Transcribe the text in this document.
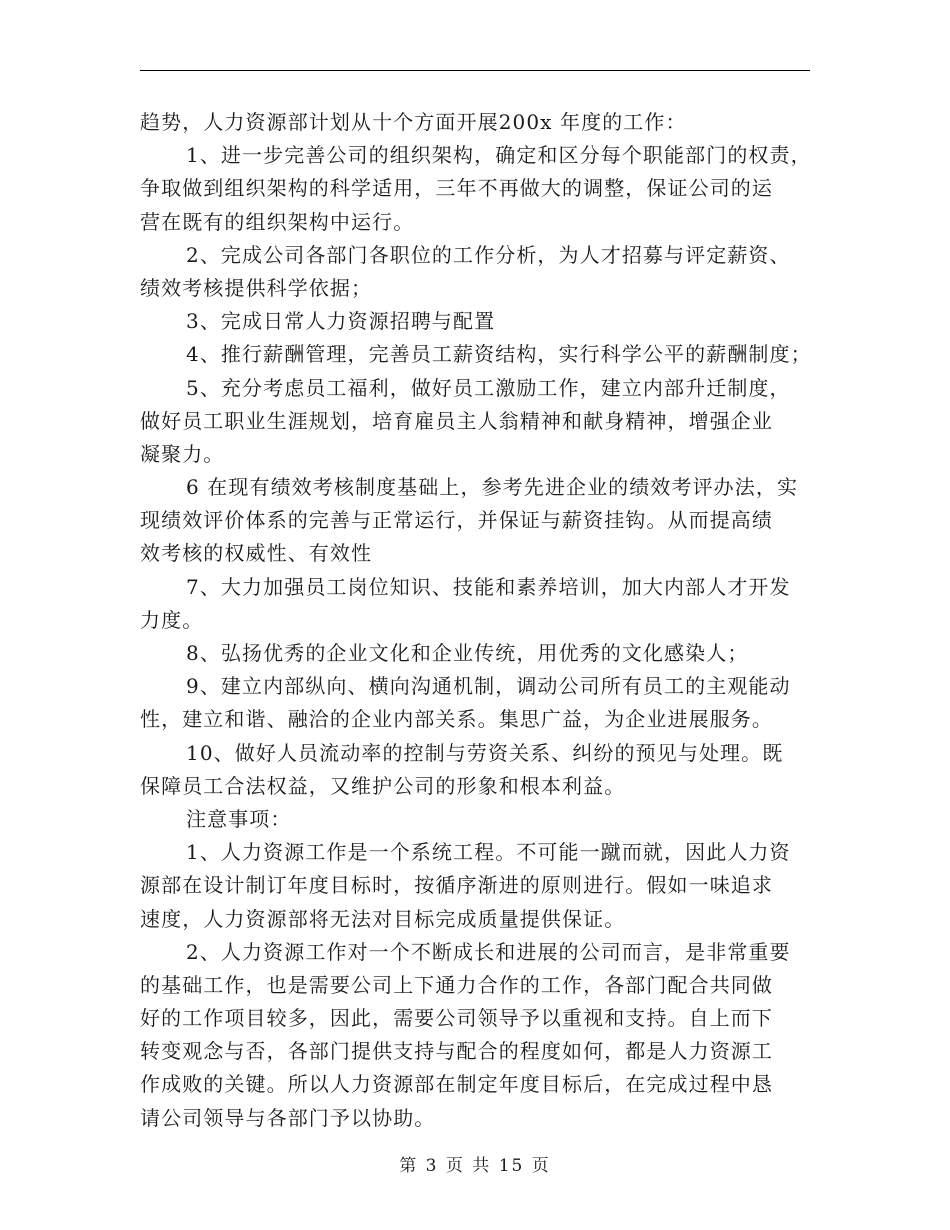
趋势，人力资源部计划从十个方面开展200x 年度的工作：
1、进一步完善公司的组织架构，确定和区分每个职能部门的权责，
争取做到组织架构的科学适用，三年不再做大的调整，保证公司的运
营在既有的组织架构中运行。
2、完成公司各部门各职位的工作分析，为人才招募与评定薪资、
绩效考核提供科学依据；
3、完成日常人力资源招聘与配置
4、推行薪酬管理，完善员工薪资结构，实行科学公平的薪酬制度；
5、充分考虑员工福利，做好员工激励工作，建立内部升迁制度，
做好员工职业生涯规划，培育雇员主人翁精神和献身精神，增强企业
凝聚力。
6 在现有绩效考核制度基础上，参考先进企业的绩效考评办法，实
现绩效评价体系的完善与正常运行，并保证与薪资挂钩。从而提高绩
效考核的权威性、有效性
7、大力加强员工岗位知识、技能和素养培训，加大内部人才开发
力度。
8、弘扬优秀的企业文化和企业传统，用优秀的文化感染人；
9、建立内部纵向、横向沟通机制，调动公司所有员工的主观能动
性，建立和谐、融洽的企业内部关系。集思广益，为企业进展服务。
10、做好人员流动率的控制与劳资关系、纠纷的预见与处理。既
保障员工合法权益，又维护公司的形象和根本利益。
注意事项：
1、人力资源工作是一个系统工程。不可能一蹴而就，因此人力资
源部在设计制订年度目标时，按循序渐进的原则进行。假如一味追求
速度，人力资源部将无法对目标完成质量提供保证。
2、人力资源工作对一个不断成长和进展的公司而言，是非常重要
的基础工作，也是需要公司上下通力合作的工作，各部门配合共同做
好的工作项目较多，因此，需要公司领导予以重视和支持。自上而下
转变观念与否，各部门提供支持与配合的程度如何，都是人力资源工
作成败的关键。所以人力资源部在制定年度目标后，在完成过程中恳
请公司领导与各部门予以协助。
第 3 页 共 15 页
